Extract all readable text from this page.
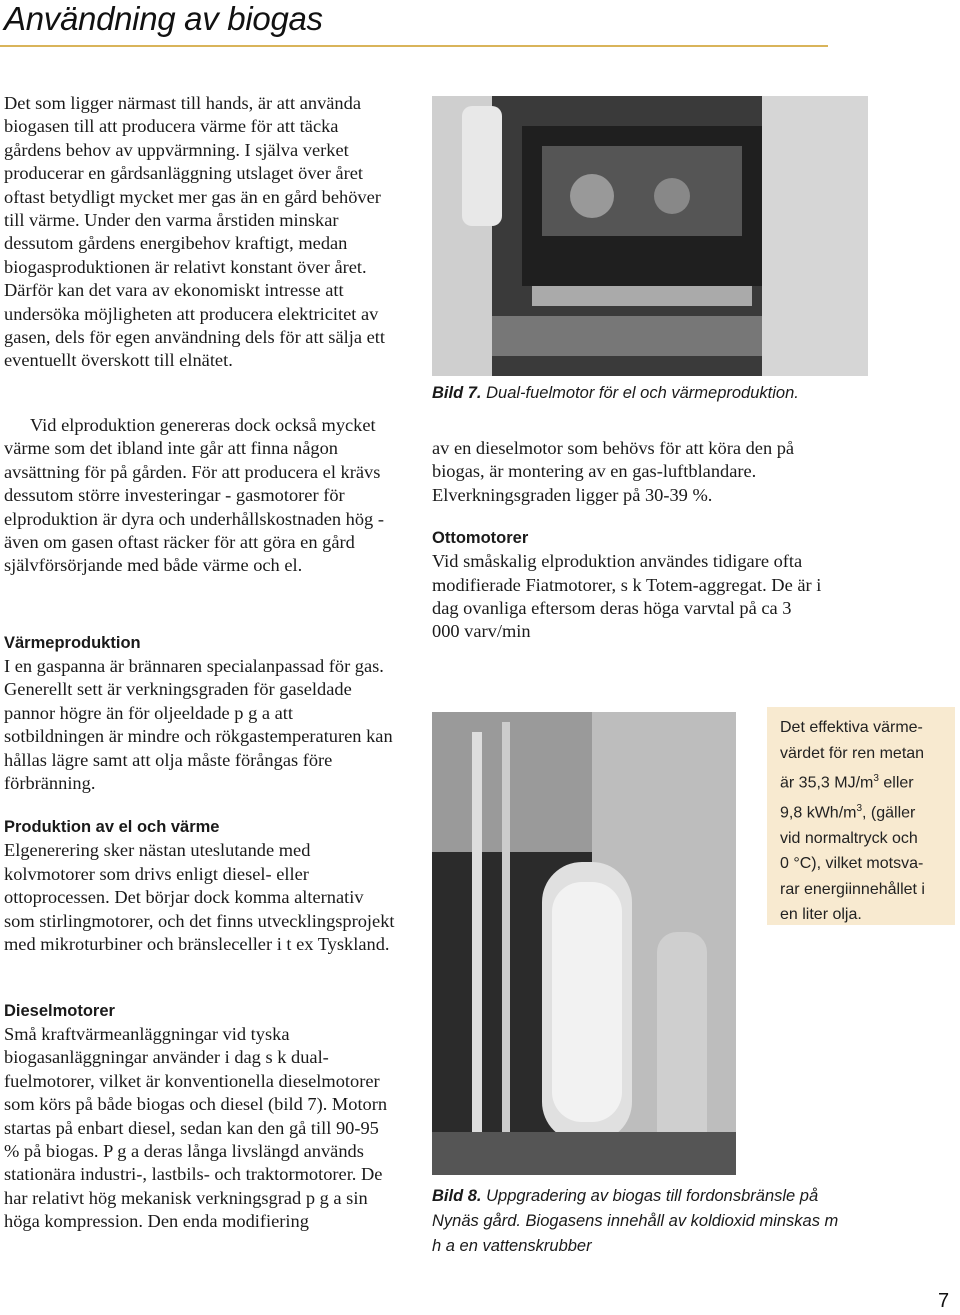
Användning av biogas

Det som ligger närmast till hands, är att använda biogasen till att producera värme för att täcka gårdens behov av uppvärmning. I själva verket producerar en gårdsanläggning utslaget över året oftast betydligt mycket mer gas än en gård behöver till värme. Under den varma årstiden minskar dessutom gårdens energibehov kraftigt, medan biogasproduktionen är relativt konstant över året. Därför kan det vara av ekonomiskt intresse att undersöka möjligheten att producera elektricitet av gasen, dels för egen användning dels för att sälja ett eventuellt överskott till elnätet.

Vid elproduktion genereras dock också mycket värme som det ibland inte går att finna någon avsättning för på gården. För att producera el krävs dessutom större investeringar - gasmotorer för elproduktion är dyra och underhållskostnaden hög - även om gasen oftast räcker för att göra en gård självförsörjande med både värme och el.

Värmeproduktion

I en gaspanna är brännaren specialanpassad för gas. Generellt sett är verkningsgraden för gaseldade pannor högre än för oljeeldade p g a att sotbildningen är mindre och rökgastemperaturen kan hållas lägre samt att olja måste förångas före förbränning.

Produktion av el och värme

Elgenerering sker nästan uteslutande med kolvmotorer som drivs enligt diesel- eller ottoprocessen. Det börjar dock komma alternativ som stirlingmotorer, och det finns utvecklingsprojekt med mikroturbiner och bränsleceller i t ex Tyskland.

Dieselmotorer

Små kraftvärmeanläggningar vid tyska biogasanläggningar använder i dag s k dual-fuelmotorer, vilket är konventionella dieselmotorer som körs på både biogas och diesel (bild 7). Motorn startas på enbart diesel, sedan kan den gå till 90-95 % på biogas. P g a deras långa livslängd används stationära industri-, lastbils- och traktormotorer. De har relativt hög mekanisk verkningsgrad p g a sin höga kompression. Den enda modifiering

Bild 7. Dual-fuelmotor för el och värmeproduktion.

av en dieselmotor som behövs för att köra den på biogas, är montering av en gas-luftblandare. Elverkningsgraden ligger på 30-39 %.

Ottomotorer

Vid småskalig elproduktion användes tidigare ofta modifierade Fiatmotorer, s k Totem-aggregat. De är i dag ovanliga eftersom deras höga varvtal på ca 3 000 varv/min

Bild 8. Uppgradering av biogas till fordonsbränsle på Nynäs gård. Biogasens innehåll av koldioxid minskas m h a en vattenskrubber
Det effektiva värme-
värdet för ren metan
är 35,3 $MJ/m^3$ eller
9,8 kWh/$m^3$, (gäller
vid normaltryck och
0 °C), vilket motsva-
rar energiinnehållet i
en liter olja.
7
